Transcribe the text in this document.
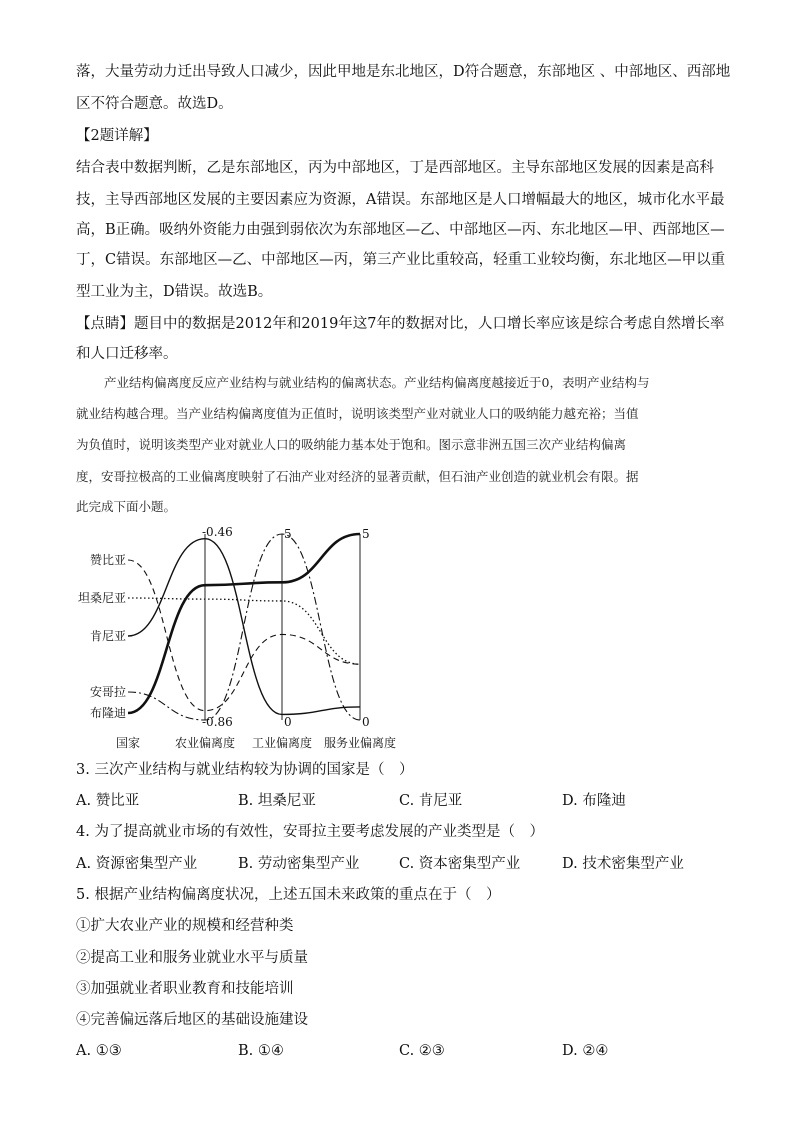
落，大量劳动力迁出导致人口减少，因此甲地是东北地区，D符合题意，东部地区 、中部地区、西部地
区不符合题意。故选D。
【2题详解】
结合表中数据判断，乙是东部地区，丙为中部地区，丁是西部地区。主导东部地区发展的因素是高科
技，主导西部地区发展的主要因素应为资源，A错误。东部地区是人口增幅最大的地区，城市化水平最
高，B正确。吸纳外资能力由强到弱依次为东部地区—乙、中部地区—丙、东北地区—甲、西部地区—
丁，C错误。东部地区—乙、中部地区—丙，第三产业比重较高，轻重工业较均衡，东北地区—甲以重
型工业为主，D错误。故选B。
【点睛】题目中的数据是2012年和2019年这7年的数据对比，人口增长率应该是综合考虑自然增长率
和人口迁移率。
产业结构偏离度反应产业结构与就业结构的偏离状态。产业结构偏离度越接近于0，表明产业结构与
就业结构越合理。当产业结构偏离度值为正值时，说明该类型产业对就业人口的吸纳能力越充裕；当值
为负值时，说明该类型产业对就业人口的吸纳能力基本处于饱和。图示意非洲五国三次产业结构偏离
度，安哥拉极高的工业偏离度映射了石油产业对经济的显著贡献，但石油产业创造的就业机会有限。据
此完成下面小题。
赞比亚
坦桑尼亚
肯尼亚
安哥拉
布隆迪
-0.46
-0.86
5
0
5
0
国家	农业偏离度 工业偏离度 服务业偏离度
3. 三次产业结构与就业结构较为协调的国家是（　）
A. 赞比亚	B. 坦桑尼亚	C. 肯尼亚	D. 布隆迪
4. 为了提高就业市场的有效性，安哥拉主要考虑发展的产业类型是（　）
A. 资源密集型产业	B. 劳动密集型产业	C. 资本密集型产业	D. 技术密集型产业
5. 根据产业结构偏离度状况，上述五国未来政策的重点在于（　）
①扩大农业产业的规模和经营种类
②提高工业和服务业就业水平与质量
③加强就业者职业教育和技能培训
④完善偏远落后地区的基础设施建设
A. ①③	B. ①④	C. ②③	D. ②④
